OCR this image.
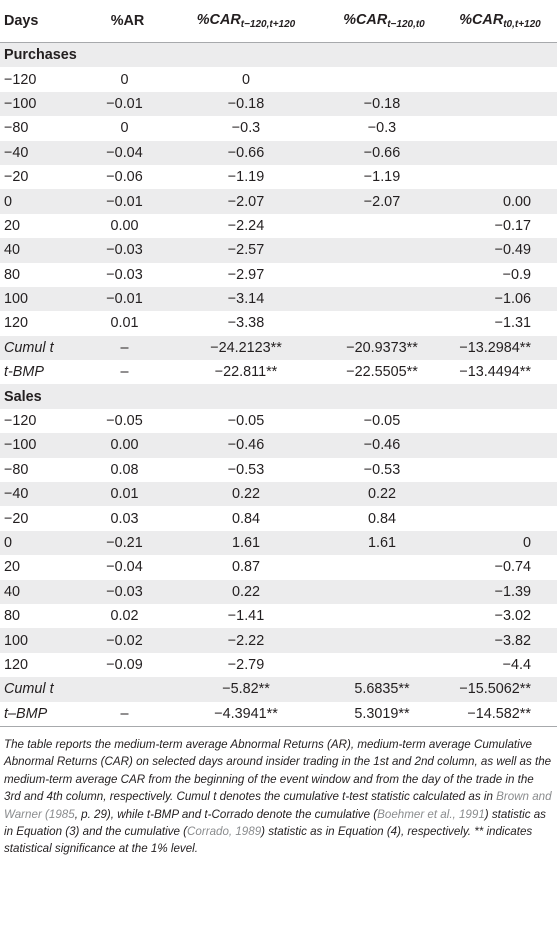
Days	%AR	$\%CAR_{t-120,t+120}$	$\%CAR_{t-120,t0}$	$\%CAR_{t0,t+120}$
Purchases				
−120	0	0		
−100	−0.01	−0.18	−0.18	
−80	0	−0.3	−0.3	
−40	−0.04	−0.66	−0.66	
−20	−0.06	−1.19	−1.19	
0	−0.01	−2.07	−2.07	0.00
20	0.00	−2.24		−0.17
40	−0.03	−2.57		−0.49
80	−0.03	−2.97		−0.9
100	−0.01	−3.14		−1.06
120	0.01	−3.38		−1.31
Cumul t	–	−24.2123**	−20.9373**	−13.2984**
t-BMP	–	−22.811**	−22.5505**	−13.4494**
Sales				
−120	−0.05	−0.05	−0.05	
−100	0.00	−0.46	−0.46	
−80	0.08	−0.53	−0.53	
−40	0.01	0.22	0.22	
−20	0.03	0.84	0.84	
0	−0.21	1.61	1.61	0
20	−0.04	0.87		−0.74
40	−0.03	0.22		−1.39
80	0.02	−1.41		−3.02
100	−0.02	−2.22		−3.82
120	−0.09	−2.79		−4.4
Cumul t		−5.82**	5.6835**	−15.5062**
t–BMP	–	−4.3941**	5.3019**	−14.582**
The table reports the medium-term average Abnormal Returns (AR), medium-term average Cumulative Abnormal Returns (CAR) on selected days around insider trading in the 1st and 2nd column, as well as the medium-term average CAR from the beginning of the event window and from the day of the trade in the 3rd and 4th column, respectively. Cumul t denotes the cumulative t-test statistic calculated as in Brown and Warner (1985, p. 29), while t-BMP and t-Corrado denote the cumulative (Boehmer et al., 1991) statistic as in Equation (3) and the cumulative (Corrado, 1989) statistic as in Equation (4), respectively. ** indicates statistical significance at the 1% level.
